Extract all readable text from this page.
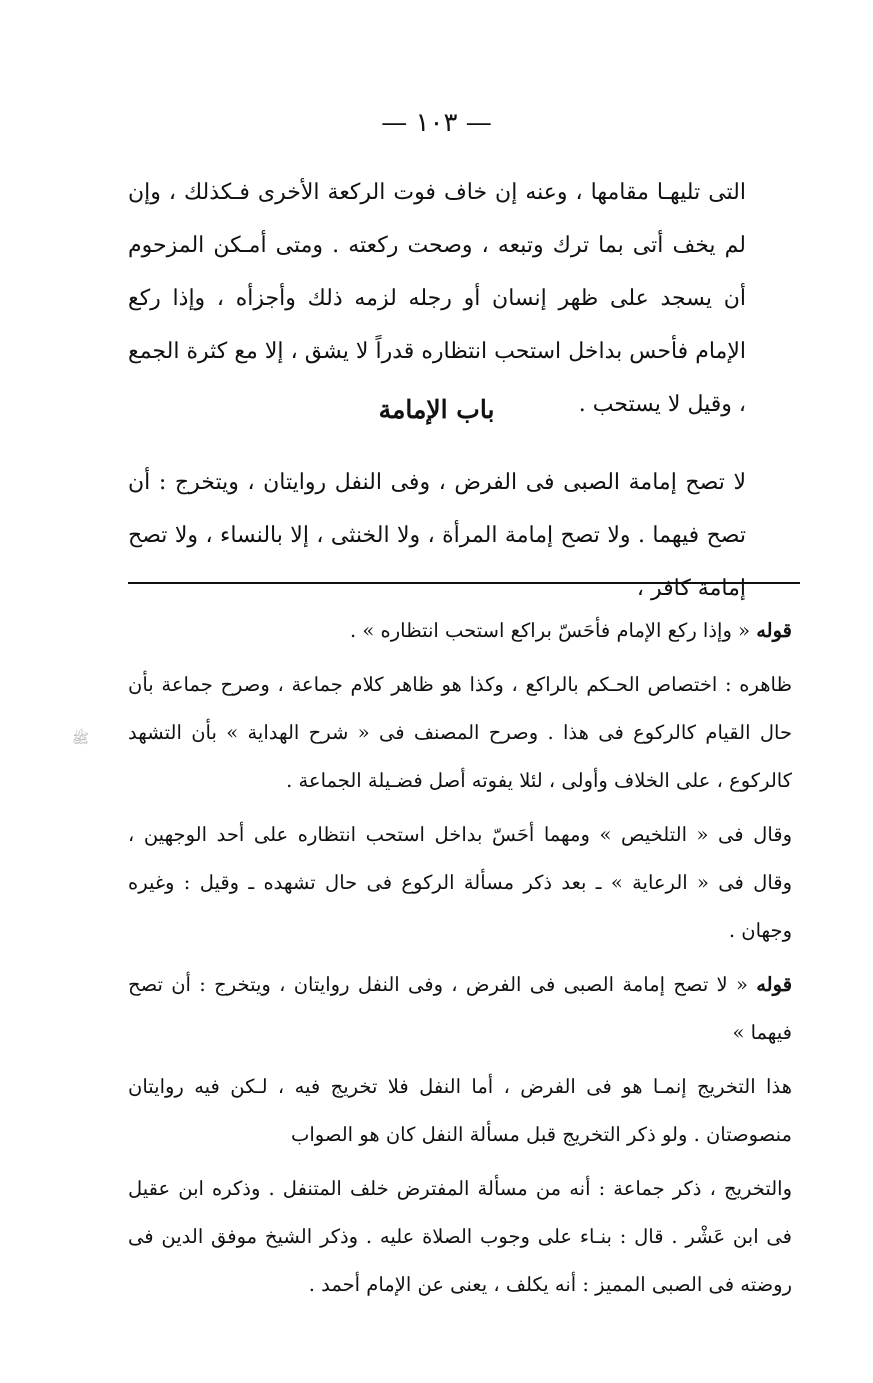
— ١٠٣ —

التى تليهـا مقامها ، وعنه إن خاف فوت الركعة الأخرى فـكذلك ، وإن لم يخف أتى بما ترك وتبعه ، وصحت ركعته . ومتى أمـكن المزحوم أن يسجد على ظهر إنسان أو رجله لزمه ذلك وأجزأه ، وإذا ركع الإمام فأحس بداخل استحب انتظاره قدراً لا يشق ، إلا مع كثرة الجمع ، وقيل لا يستحب .

باب الإمامة

لا تصح إمامة الصبى فى الفرض ، وفى النفل روايتان ، ويتخرج : أن تصح فيهما . ولا تصح إمامة المرأة ، ولا الخنثى ، إلا بالنساء ، ولا تصح إمامة كافر ،

قوله « وإذا ركع الإمام فأحَسّ براكع استحب انتظاره » .

ظاهره : اختصاص الحـكم بالراكع ، وكذا هو ظاهر كلام جماعة ، وصرح جماعة بأن حال القيام كالركوع فى هذا . وصرح المصنف فى « شرح الهداية » بأن التشهد كالركوع ، على الخلاف وأولى ، لئلا يفوته أصل فضـيلة الجماعة .

وقال فى « التلخيص » ومهما أحَسّ بداخل استحب انتظاره على أحد الوجهين ، وقال فى « الرعاية » ـ بعد ذكر مسألة الركوع فى حال تشهده ـ وقيل : وغيره وجهان .

قوله « لا تصح إمامة الصبى فى الفرض ، وفى النفل روايتان ، ويتخرج : أن تصح فيهما »

هذا التخريج إنمـا هو فى الفرض ، أما النفل فلا تخريج فيه ، لـكن فيه روايتان منصوصتان . ولو ذكر التخريج قبل مسألة النفل كان هو الصواب

والتخريج ، ذكر جماعة : أنه من مسألة المفترض خلف المتنفل . وذكره ابن عقيل فى ابن عَشْر . قال : بنـاء على وجوب الصلاة عليه . وذكر الشيخ موفق الدين فى روضته فى الصبى المميز : أنه يكلف ، يعنى عن الإمام أحمد .

ﷺ
